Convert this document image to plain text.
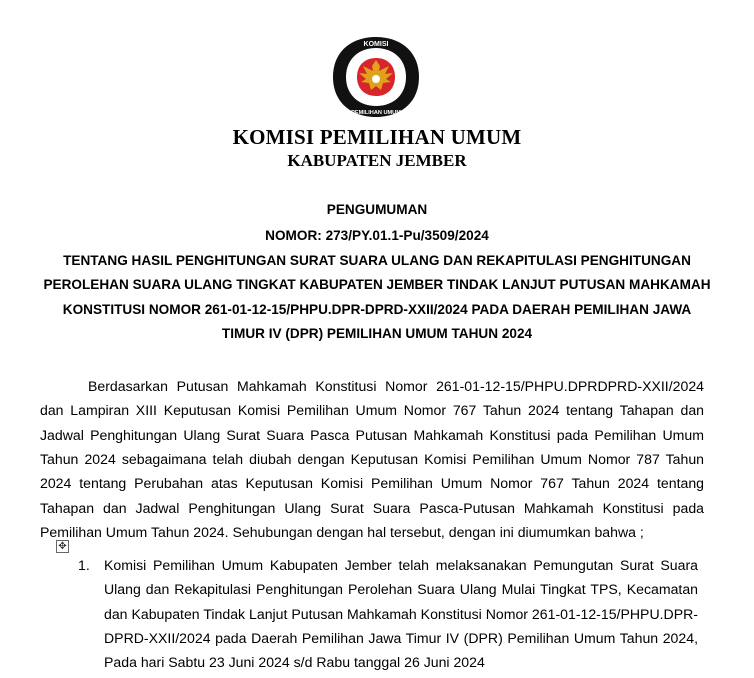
KOMISI
PEMILIHAN UMUM
KOMISI PEMILIHAN UMUM
KABUPATEN JEMBER
PENGUMUMAN
NOMOR: 273/PY.01.1-Pu/3509/2024
TENTANG HASIL PENGHITUNGAN SURAT SUARA ULANG DAN REKAPITULASI PENGHITUNGAN PEROLEHAN SUARA ULANG TINGKAT KABUPATEN JEMBER TINDAK LANJUT PUTUSAN MAHKAMAH KONSTITUSI NOMOR 261-01-12-15/PHPU.DPR-DPRD-XXII/2024 PADA DAERAH PEMILIHAN JAWA TIMUR IV (DPR) PEMILIHAN UMUM TAHUN 2024
Berdasarkan Putusan Mahkamah Konstitusi Nomor 261-01-12-15/PHPU.DPRDPRD-XXII/2024 dan Lampiran XIII Keputusan Komisi Pemilihan Umum Nomor 767 Tahun 2024 tentang Tahapan dan Jadwal Penghitungan Ulang Surat Suara Pasca Putusan Mahkamah Konstitusi pada Pemilihan Umum Tahun 2024 sebagaimana telah diubah dengan Keputusan Komisi Pemilihan Umum Nomor 787 Tahun 2024 tentang Perubahan atas Keputusan Komisi Pemilihan Umum Nomor 767 Tahun 2024 tentang Tahapan dan Jadwal Penghitungan Ulang Surat Suara Pasca-Putusan Mahkamah Konstitusi pada Pemilihan Umum Tahun 2024. Sehubungan dengan hal tersebut, dengan ini diumumkan bahwa ;
✥
1. Komisi Pemilihan Umum Kabupaten Jember telah melaksanakan Pemungutan Surat Suara Ulang dan Rekapitulasi Penghitungan Perolehan Suara Ulang Mulai Tingkat TPS, Kecamatan dan Kabupaten Tindak Lanjut Putusan Mahkamah Konstitusi Nomor 261-01-12-15/PHPU.DPR-DPRD-XXII/2024 pada Daerah Pemilihan Jawa Timur IV (DPR) Pemilihan Umum Tahun 2024, Pada hari Sabtu 23 Juni 2024 s/d Rabu tanggal 26 Juni 2024
